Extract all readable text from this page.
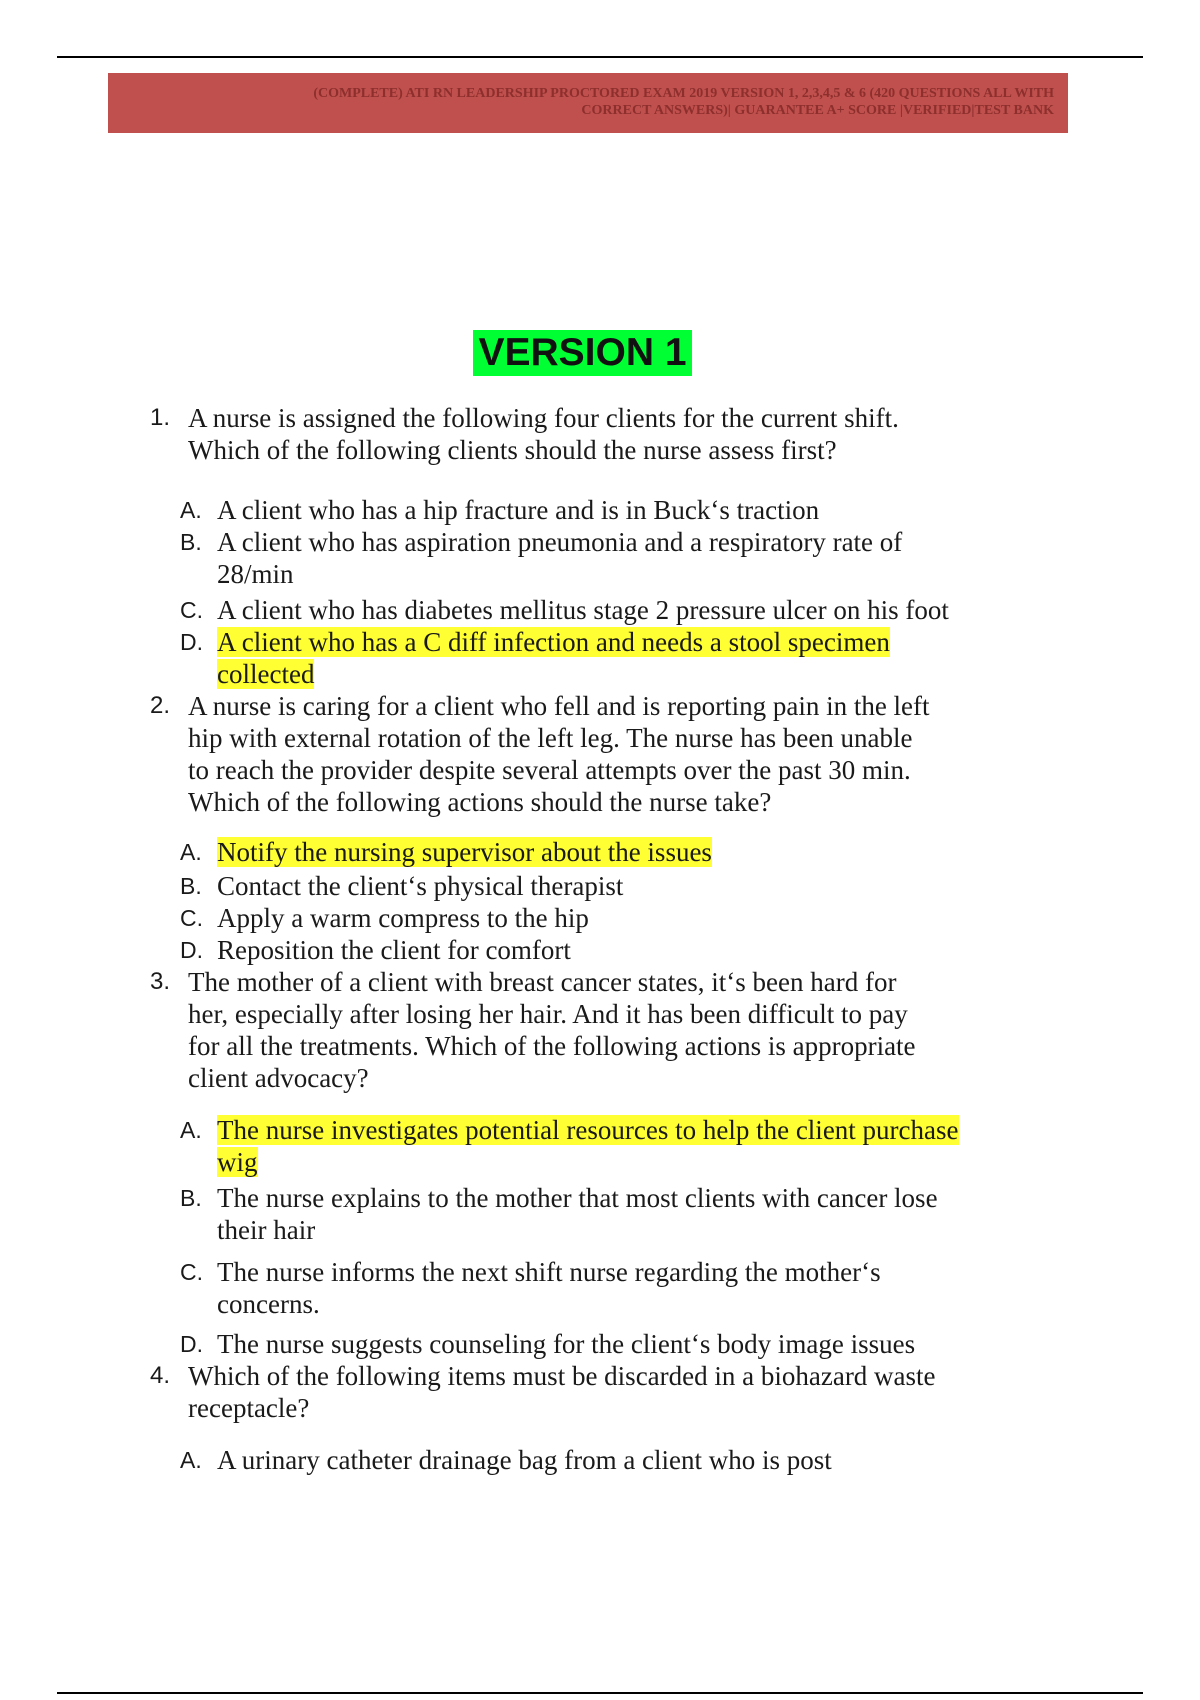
(COMPLETE) ATI RN LEADERSHIP PROCTORED EXAM 2019 VERSION 1, 2,3,4,5 & 6 (420 QUESTIONS ALL WITH
CORRECT ANSWERS)| GUARANTEE A+ SCORE |VERIFIED|TEST BANK
VERSION 1
1. A nurse is assigned the following four clients for the current shift.
Which of the following clients should the nurse assess first?
A. A client who has a hip fracture and is in Buck‘s traction
B. A client who has aspiration pneumonia and a respiratory rate of
28/min
C. A client who has diabetes mellitus stage 2 pressure ulcer on his foot
D. A client who has a C diff infection and needs a stool specimen
collected
2. A nurse is caring for a client who fell and is reporting pain in the left
hip with external rotation of the left leg. The nurse has been unable
to reach the provider despite several attempts over the past 30 min.
Which of the following actions should the nurse take?
A. Notify the nursing supervisor about the issues
B. Contact the client‘s physical therapist
C. Apply a warm compress to the hip
D. Reposition the client for comfort
3. The mother of a client with breast cancer states, it‘s been hard for
her, especially after losing her hair. And it has been difficult to pay
for all the treatments. Which of the following actions is appropriate
client advocacy?
A. The nurse investigates potential resources to help the client purchase
wig
B. The nurse explains to the mother that most clients with cancer lose
their hair
C. The nurse informs the next shift nurse regarding the mother‘s
concerns.
D. The nurse suggests counseling for the client‘s body image issues
4. Which of the following items must be discarded in a biohazard waste
receptacle?
A. A urinary catheter drainage bag from a client who is post
